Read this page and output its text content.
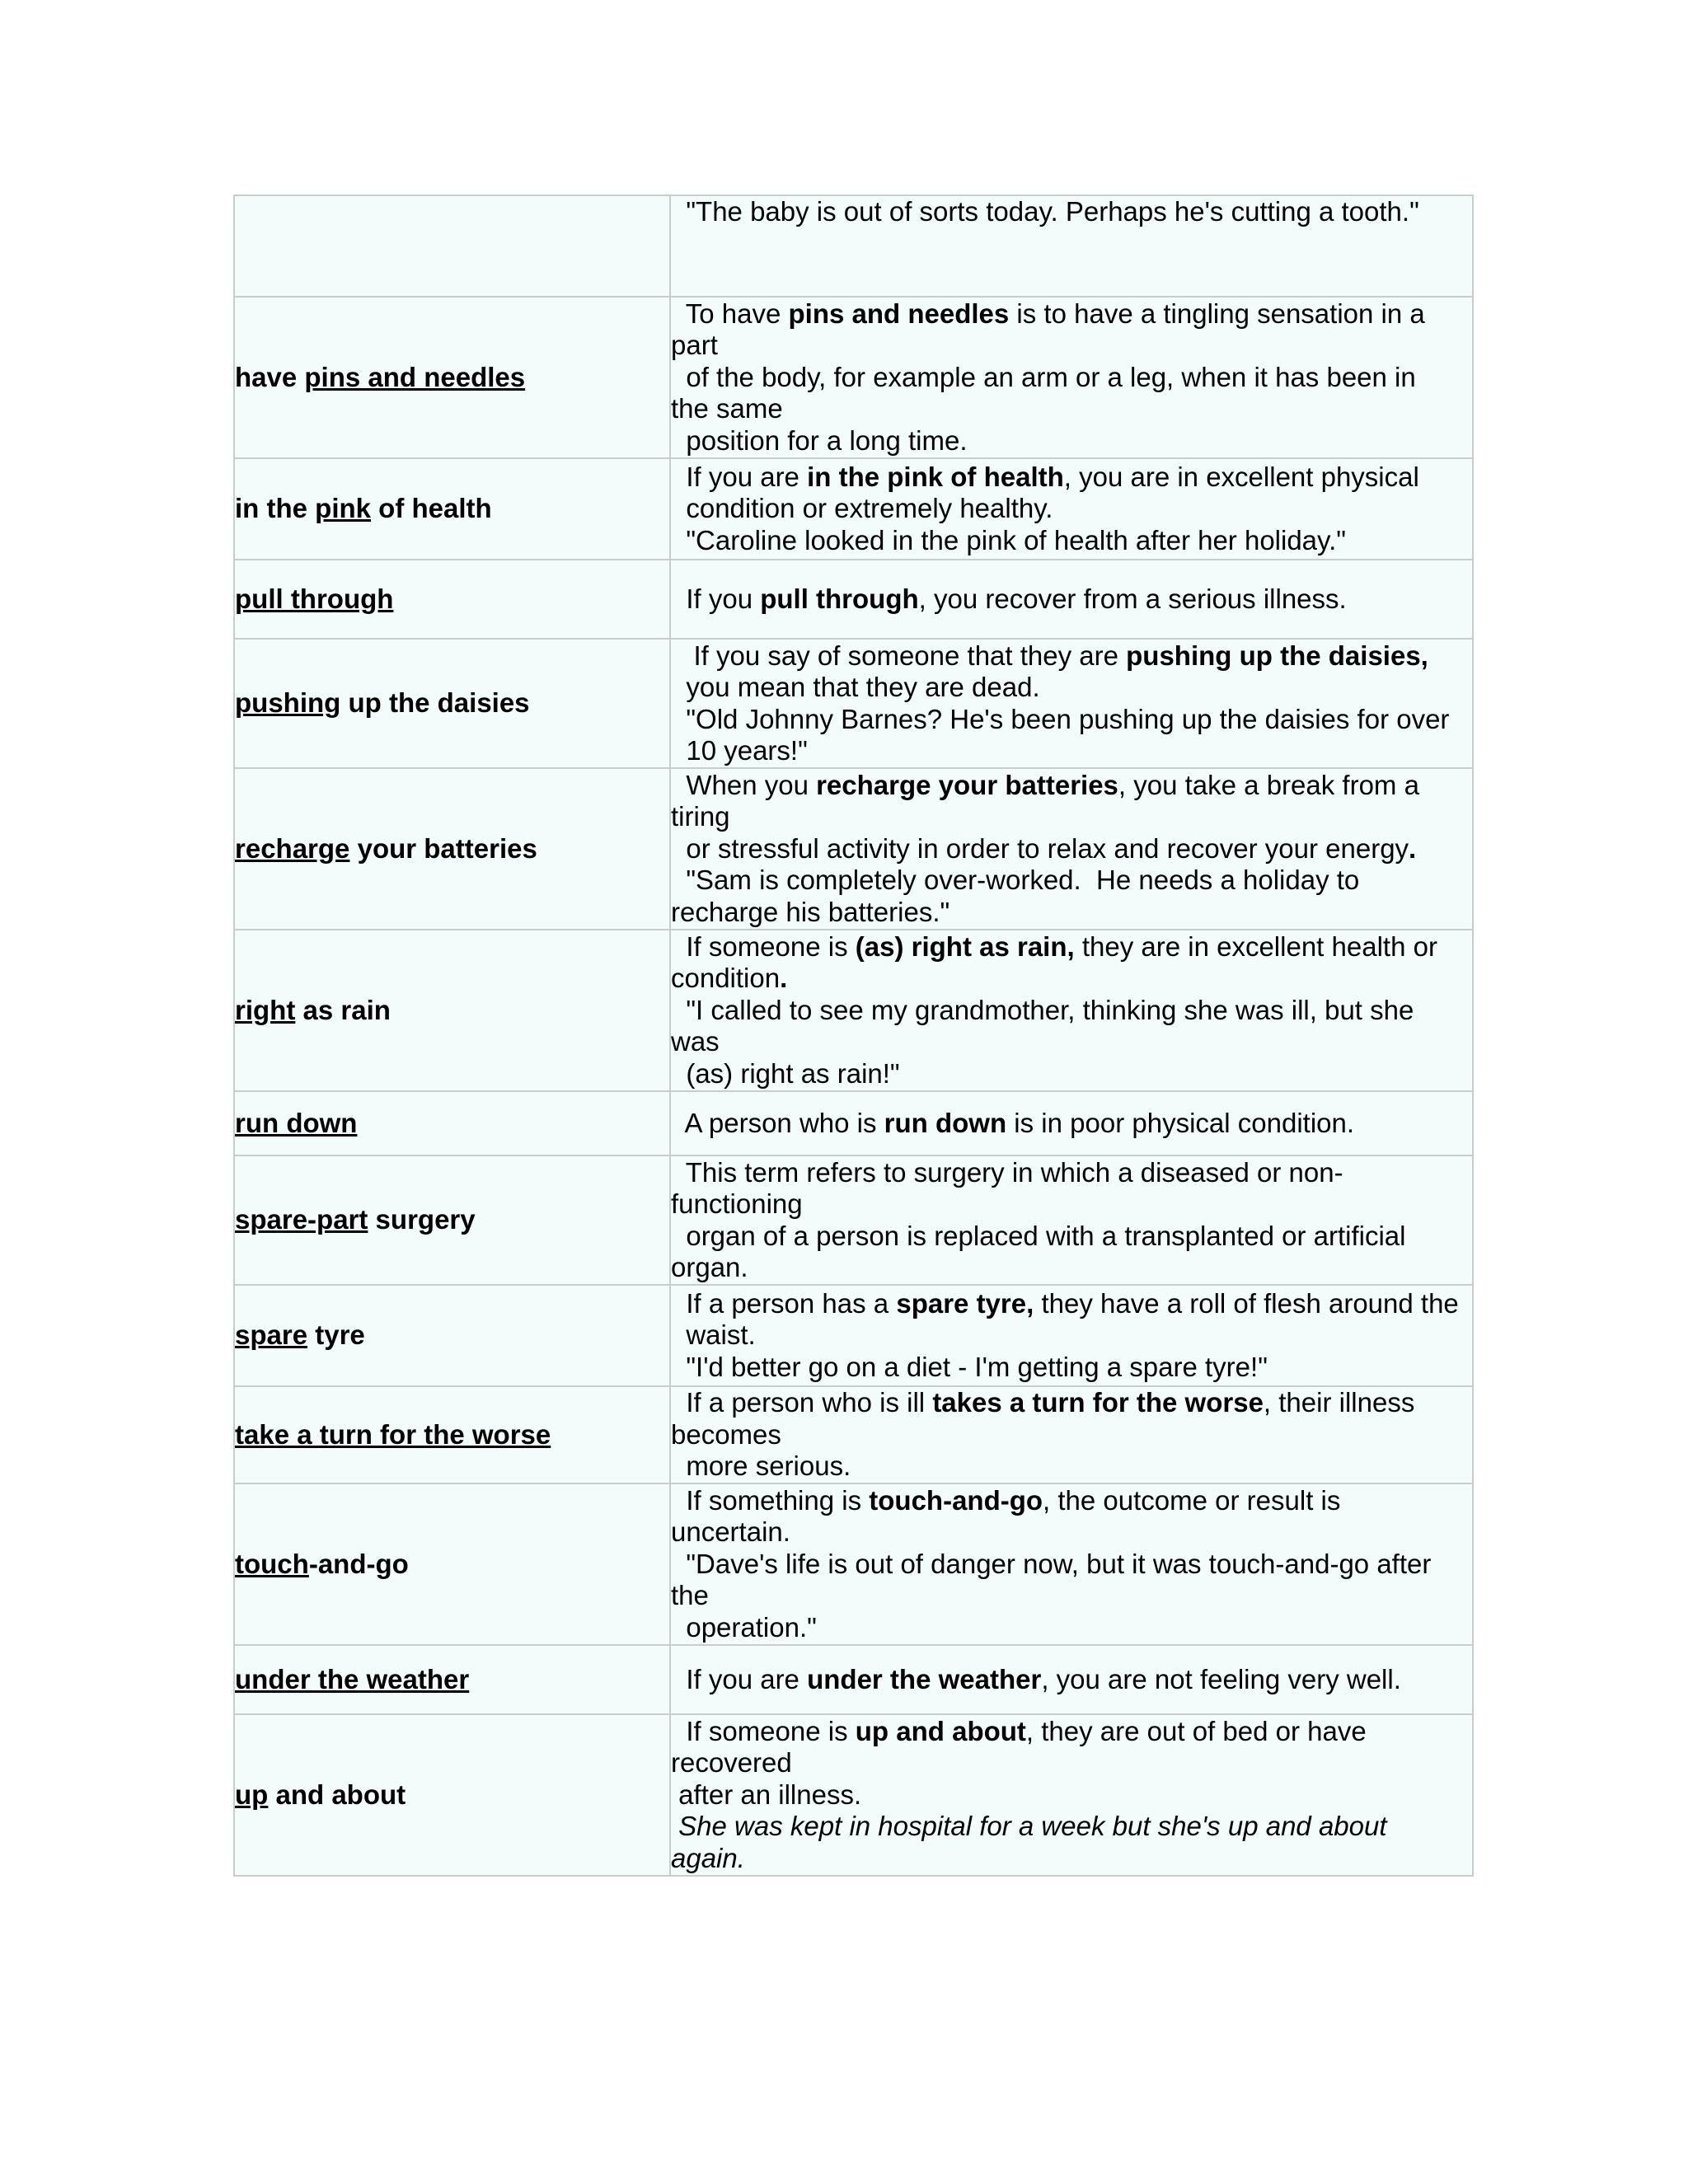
	"The baby is out of sorts today. Perhaps he's cutting a tooth."

have pins and needles	To have pins and needles is to have a tingling sensation in a
part
of the body, for example an arm or a leg, when it has been in
the same
position for a long time.

in the pink of health	If you are in the pink of health, you are in excellent physical
condition or extremely healthy.
"Caroline looked in the pink of health after her holiday."

pull through	If you pull through, you recover from a serious illness.

pushing up the daisies	If you say of someone that they are pushing up the daisies,
you mean that they are dead.
"Old Johnny Barnes? He's been pushing up the daisies for over
10 years!"

recharge your batteries	When you recharge your batteries, you take a break from a
tiring
or stressful activity in order to relax and recover your energy.
"Sam is completely over-worked.  He needs a holiday to
recharge his batteries."

right as rain	If someone is (as) right as rain, they are in excellent health or
condition.
"I called to see my grandmother, thinking she was ill, but she
was
(as) right as rain!"

run down	A person who is run down is in poor physical condition.

spare-part surgery	This term refers to surgery in which a diseased or non-
functioning
organ of a person is replaced with a transplanted or artificial
organ.

spare tyre	If a person has a spare tyre, they have a roll of flesh around the
waist.
"I'd better go on a diet - I'm getting a spare tyre!"

take a turn for the worse	If a person who is ill takes a turn for the worse, their illness
becomes
more serious.

touch-and-go	If something is touch-and-go, the outcome or result is
uncertain.
"Dave's life is out of danger now, but it was touch-and-go after
the
operation."

under the weather	If you are under the weather, you are not feeling very well.

up and about	If someone is up and about, they are out of bed or have
recovered
after an illness.
She was kept in hospital for a week but she's up and about
again.
